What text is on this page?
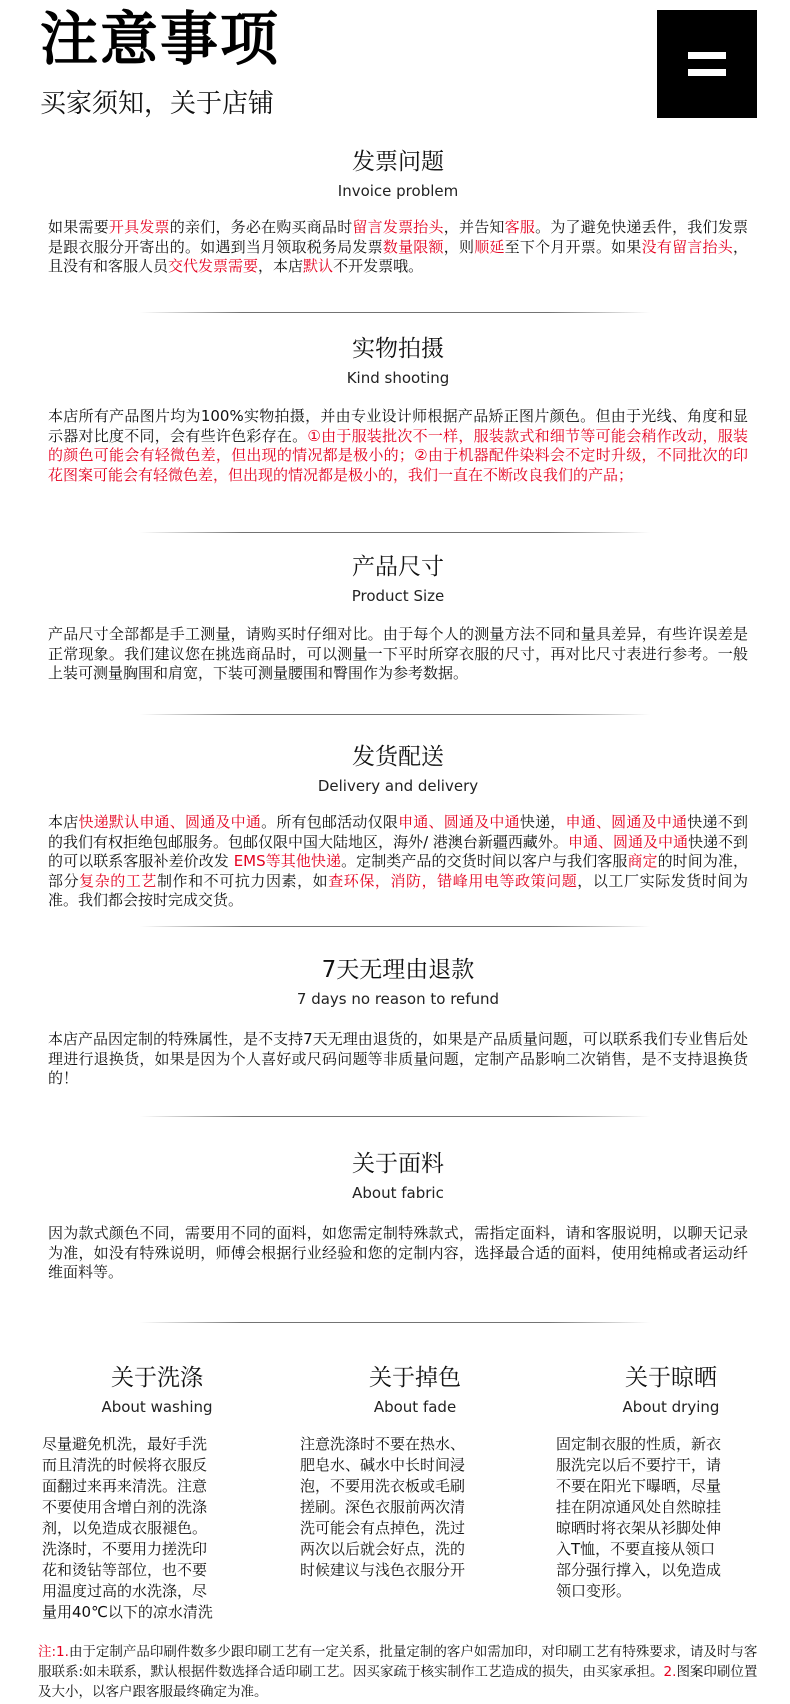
注意事项
买家须知，关于店铺
发票问题
Invoice problem
如果需要开具发票的亲们，务必在购买商品时留言发票抬头，并告知客服。为了避免快递丢件，我们发票是跟衣服分开寄出的。如遇到当月领取税务局发票数量限额，则顺延至下个月开票。如果没有留言抬头，且没有和客服人员交代发票需要，本店默认不开发票哦。
实物拍摄
Kind shooting
本店所有产品图片均为100%实物拍摄，并由专业设计师根据产品矫正图片颜色。但由于光线、角度和显示器对比度不同，会有些许色彩存在。①由于服装批次不一样，服装款式和细节等可能会稍作改动，服装的颜色可能会有轻微色差，但出现的情况都是极小的；②由于机器配件染料会不定时升级，不同批次的印花图案可能会有轻微色差，但出现的情况都是极小的，我们一直在不断改良我们的产品；
产品尺寸
Product Size
产品尺寸全部都是手工测量，请购买时仔细对比。由于每个人的测量方法不同和量具差异，有些许误差是正常现象。我们建议您在挑选商品时，可以测量一下平时所穿衣服的尺寸，再对比尺寸表进行参考。一般上装可测量胸围和肩宽，下装可测量腰围和臀围作为参考数据。
发货配送
Delivery and delivery
本店快递默认申通、圆通及中通。所有包邮活动仅限申通、圆通及中通快递，申通、圆通及中通快递不到的我们有权拒绝包邮服务。包邮仅限中国大陆地区，海外/ 港澳台新疆西藏外。申通、圆通及中通快递不到的可以联系客服补差价改发 EMS等其他快递。定制类产品的交货时间以客户与我们客服商定的时间为准，部分复杂的工艺制作和不可抗力因素，如查环保，消防，错峰用电等政策问题，以工厂实际发货时间为准。我们都会按时完成交货。
7天无理由退款
7 days no reason to refund
本店产品因定制的特殊属性，是不支持7天无理由退货的，如果是产品质量问题，可以联系我们专业售后处理进行退换货，如果是因为个人喜好或尺码问题等非质量问题，定制产品影响二次销售，是不支持退换货的！
关于面料
About fabric
因为款式颜色不同，需要用不同的面料，如您需定制特殊款式，需指定面料，请和客服说明，以聊天记录为准，如没有特殊说明，师傅会根据行业经验和您的定制内容，选择最合适的面料，使用纯棉或者运动纤维面料等。
关于洗涤
About washing
尽量避免机洗，最好手洗
而且清洗的时候将衣服反
面翻过来再来清洗。注意
不要使用含增白剂的洗涤
剂，以免造成衣服褪色。
洗涤时，不要用力搓洗印
花和烫钻等部位，也不要
用温度过高的水洗涤，尽
量用40℃以下的凉水清洗
关于掉色
About fade
注意洗涤时不要在热水、
肥皂水、碱水中长时间浸
泡，不要用洗衣板或毛刷
搓刷。深色衣服前两次清
洗可能会有点掉色，洗过
两次以后就会好点，洗的
时候建议与浅色衣服分开
关于晾晒
About drying
固定制衣服的性质，新衣
服洗完以后不要拧干，请
不要在阳光下曝晒，尽量
挂在阴凉通风处自然晾挂
晾晒时将衣架从衫脚处伸
入T恤，不要直接从领口
部分强行撑入，以免造成
领口变形。
注:1.由于定制产品印刷件数多少跟印刷工艺有一定关系，批量定制的客户如需加印，对印刷工艺有特殊要求，请及时与客服联系:如未联系，默认根据件数选择合适印刷工艺。因买家疏于核实制作工艺造成的损失，由买家承担。2.图案印刷位置及大小，以客户跟客服最终确定为准。
